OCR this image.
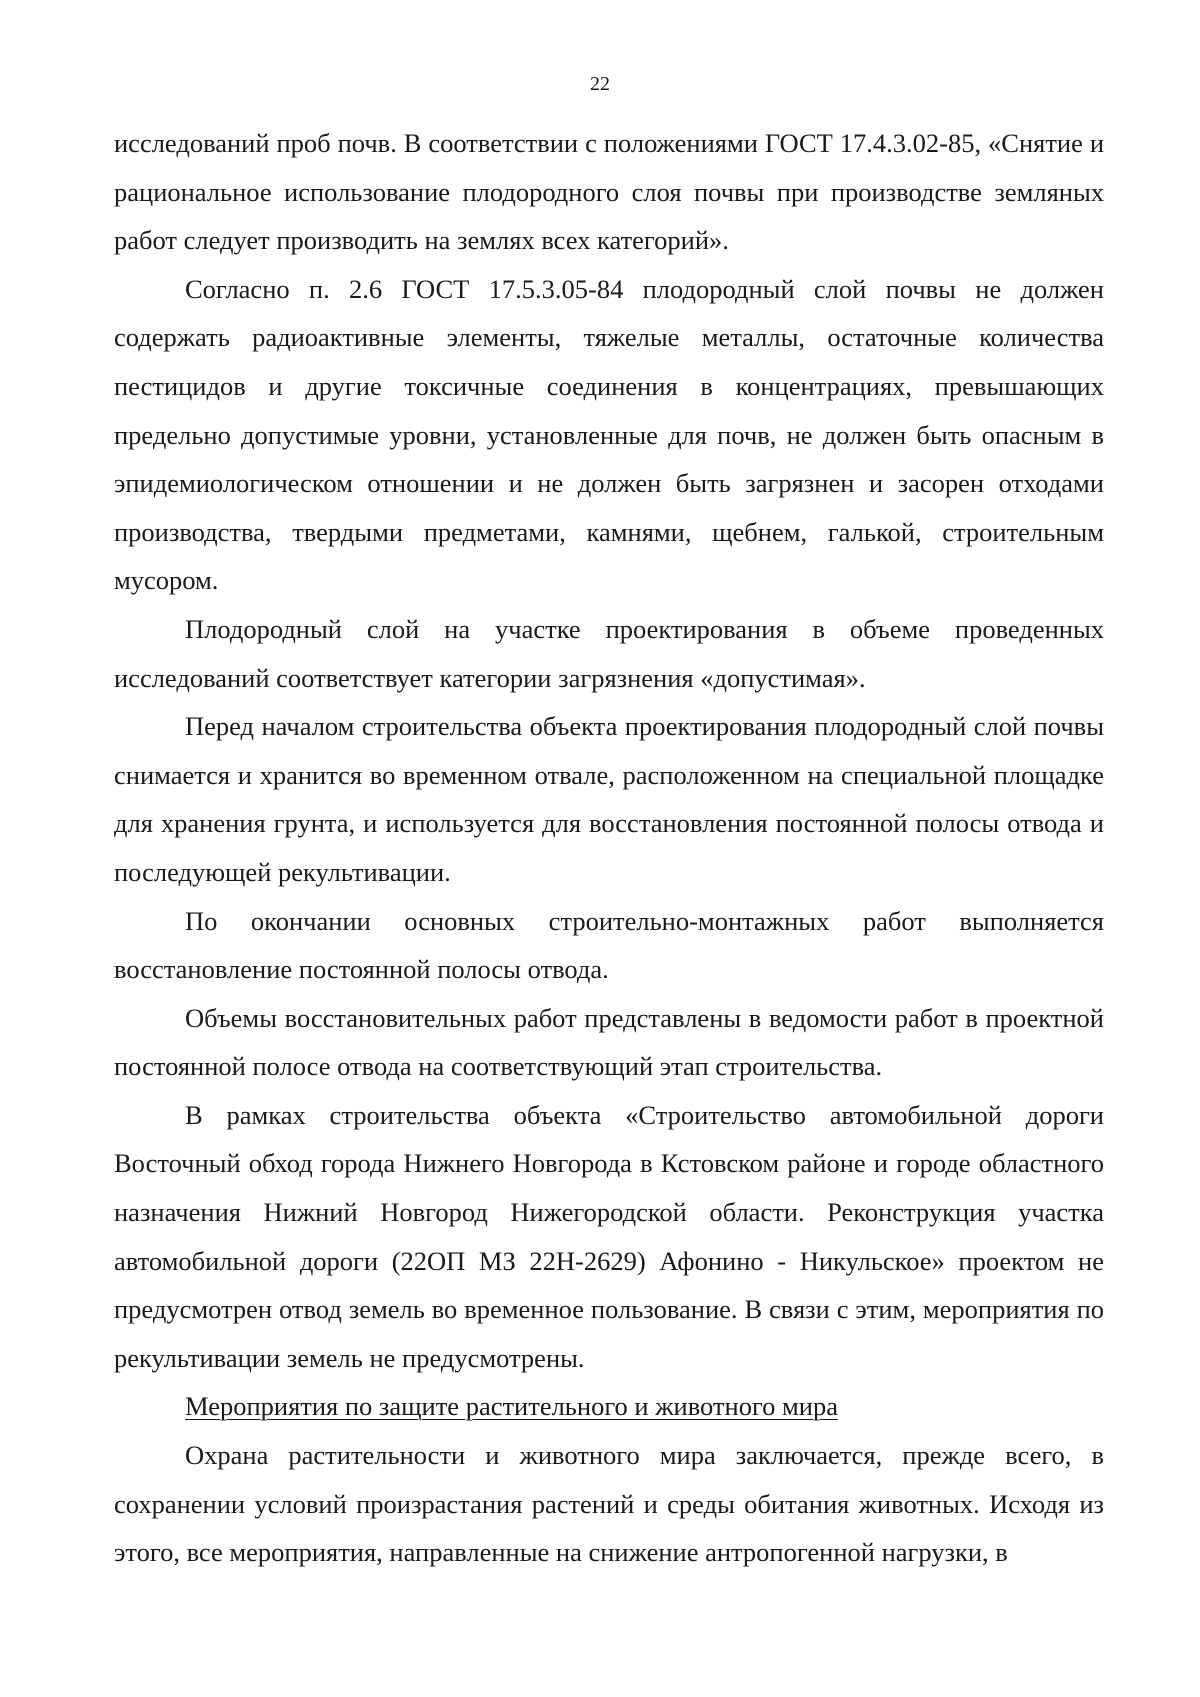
22

исследований проб почв. В соответствии с положениями ГОСТ 17.4.3.02-85, «Снятие и рациональное использование плодородного слоя почвы при производстве земляных работ следует производить на землях всех категорий».

Согласно п. 2.6 ГОСТ 17.5.3.05-84 плодородный слой почвы не должен содержать радиоактивные элементы, тяжелые металлы, остаточные количества пестицидов и другие токсичные соединения в концентрациях, превышающих предельно допустимые уровни, установленные для почв, не должен быть опасным в эпидемиологическом отношении и не должен быть загрязнен и засорен отходами производства, твердыми предметами, камнями, щебнем, галькой, строительным мусором.

Плодородный слой на участке проектирования в объеме проведенных исследований соответствует категории загрязнения «допустимая».

Перед началом строительства объекта проектирования плодородный слой почвы снимается и хранится во временном отвале, расположенном на специальной площадке для хранения грунта, и используется для восстановления постоянной полосы отвода и последующей рекультивации.

По окончании основных строительно-монтажных работ выполняется восстановление постоянной полосы отвода.

Объемы восстановительных работ представлены в ведомости работ в проектной постоянной полосе отвода на соответствующий этап строительства.

В рамках строительства объекта «Строительство автомобильной дороги Восточный обход города Нижнего Новгорода в Кстовском районе и городе областного назначения Нижний Новгород Нижегородской области. Реконструкция участка автомобильной дороги (22ОП МЗ 22Н-2629) Афонино - Никульское» проектом не предусмотрен отвод земель во временное пользование. В связи с этим, мероприятия по рекультивации земель не предусмотрены.

Мероприятия по защите растительного и животного мира

Охрана растительности и животного мира заключается, прежде всего, в сохранении условий произрастания растений и среды обитания животных. Исходя из этого, все мероприятия, направленные на снижение антропогенной нагрузки, в
